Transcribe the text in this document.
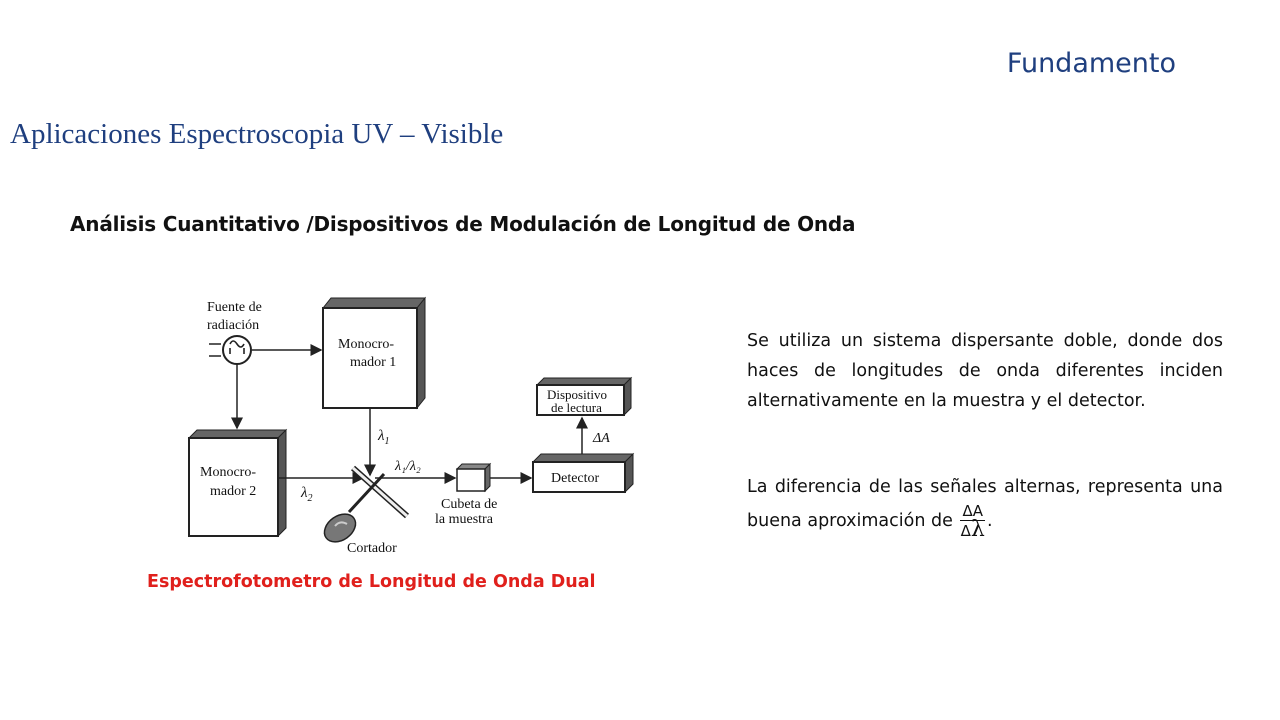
Fundamento
Aplicaciones Espectroscopia UV – Visible
Análisis Cuantitativo /Dispositivos de Modulación de Longitud de Onda
Fuente de
radiación
Monocro-
mador 1
Monocro-
mador 2
$\lambda_1$
$\lambda_2$
λ₁/λ₂
Cortador
Cubeta de
la muestra
Detector
Dispositivo
de lectura
ΔA
Espectrofotometro de Longitud de Onda Dual
Se utiliza un sistema dispersante doble, donde dos haces de longitudes de onda diferentes inciden alternativamente en la muestra y el detector.
La diferencia de las señales alternas, representa una buena aproximación de $\frac{\Delta A}{\Delta\lambda}$ .
